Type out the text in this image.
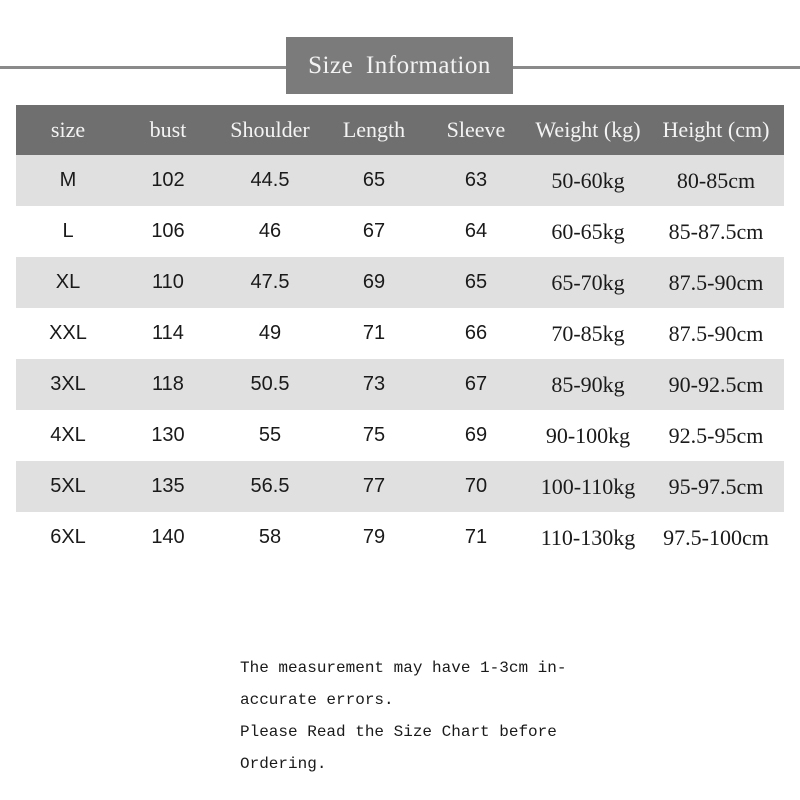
Size Information
size	bust	Shoulder	Length	Sleeve	Weight (kg)	Height (cm)
M	102	44.5	65	63	50-60kg	80-85cm
L	106	46	67	64	60-65kg	85-87.5cm
XL	110	47.5	69	65	65-70kg	87.5-90cm
XXL	114	49	71	66	70-85kg	87.5-90cm
3XL	118	50.5	73	67	85-90kg	90-92.5cm
4XL	130	55	75	69	90-100kg	92.5-95cm
5XL	135	56.5	77	70	100-110kg	95-97.5cm
6XL	140	58	79	71	110-130kg	97.5-100cm
The measurement may have 1-3cm in-
accurate errors.
Please Read the Size Chart before
Ordering.
